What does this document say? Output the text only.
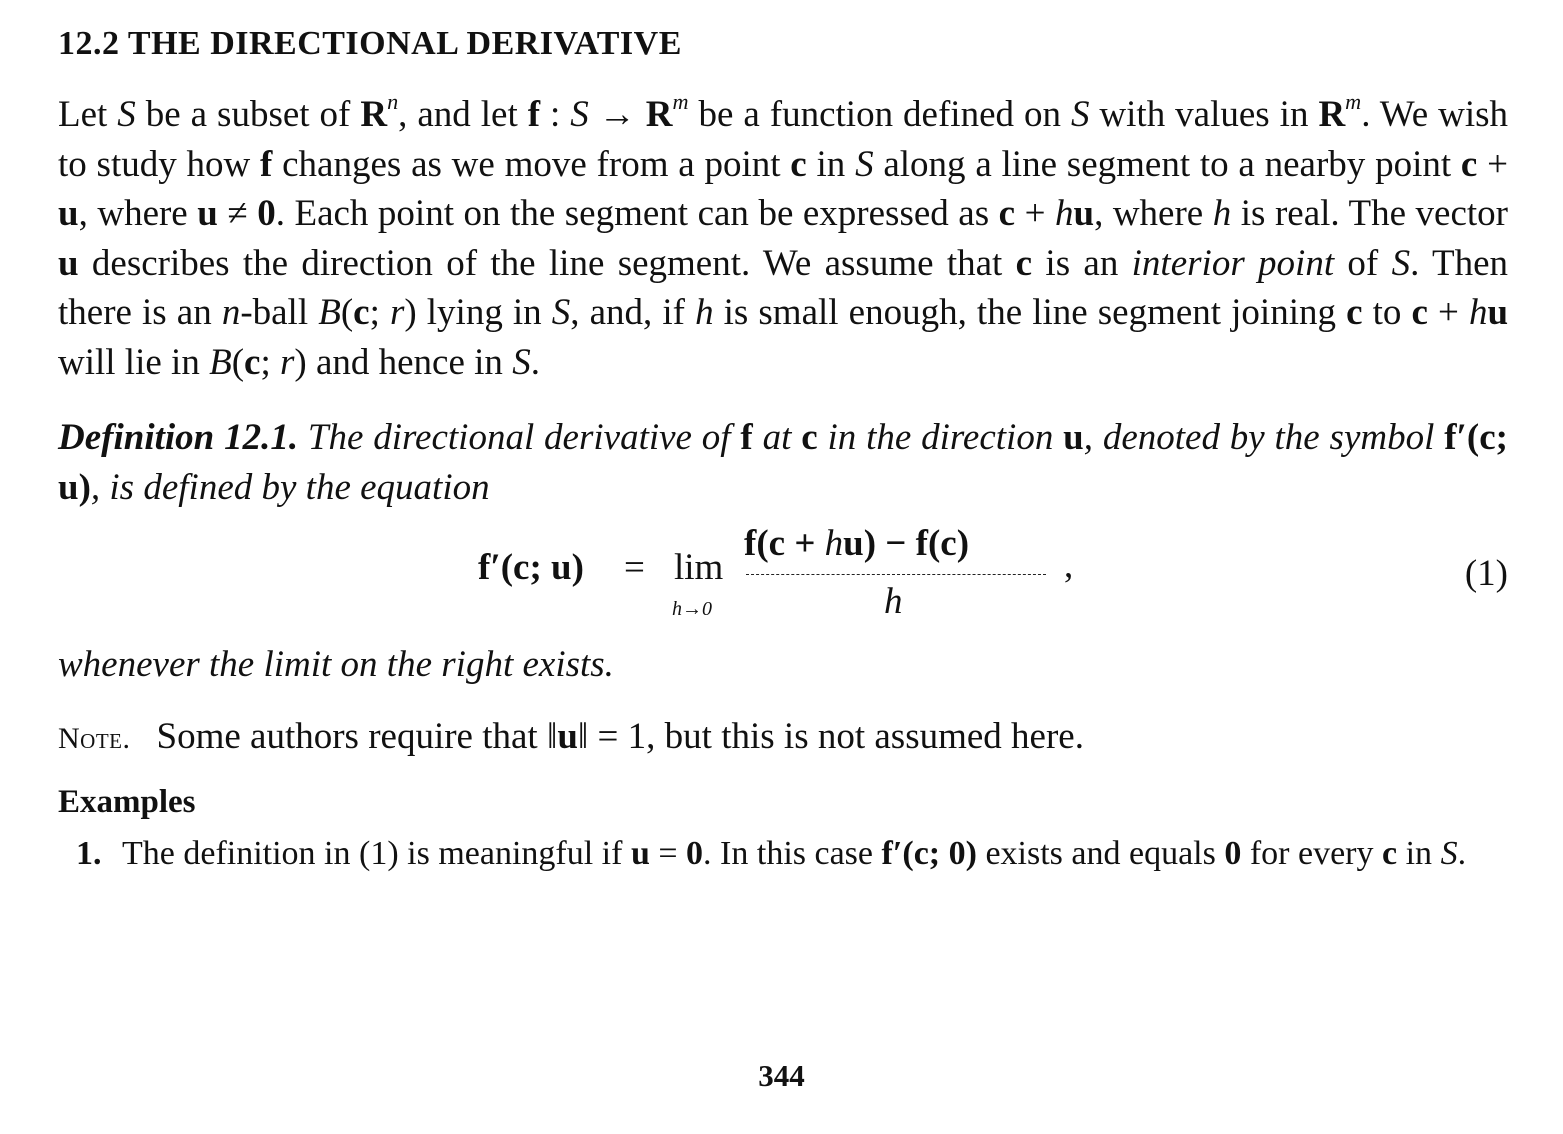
12.2 THE DIRECTIONAL DERIVATIVE

Let S be a subset of $R^n$, and let f : $S \to R^m$ be a function defined on S with values in $R^m$. We wish to study how f changes as we move from a point c in S along a line segment to a nearby point c + u, where u ≠ 0. Each point on the segment can be expressed as c + hu, where h is real. The vector u describes the direction of the line segment. We assume that c is an interior point of S. Then there is an n-ball B(c; r) lying in S, and, if h is small enough, the line segment joining c to c + hu will lie in B(c; r) and hence in S.

Definition 12.1. The directional derivative of f at c in the direction u, denoted by the symbol f′(c; u), is defined by the equation

f′(c; u) = lim
h→0
f(c + hu) − f(c)
h
,	(1)

whenever the limit on the right exists.

Note. Some authors require that ‖u‖ = 1, but this is not assumed here.

Examples
1. The definition in (1) is meaningful if u = 0. In this case f′(c; 0) exists and equals 0 for every c in S.
344
